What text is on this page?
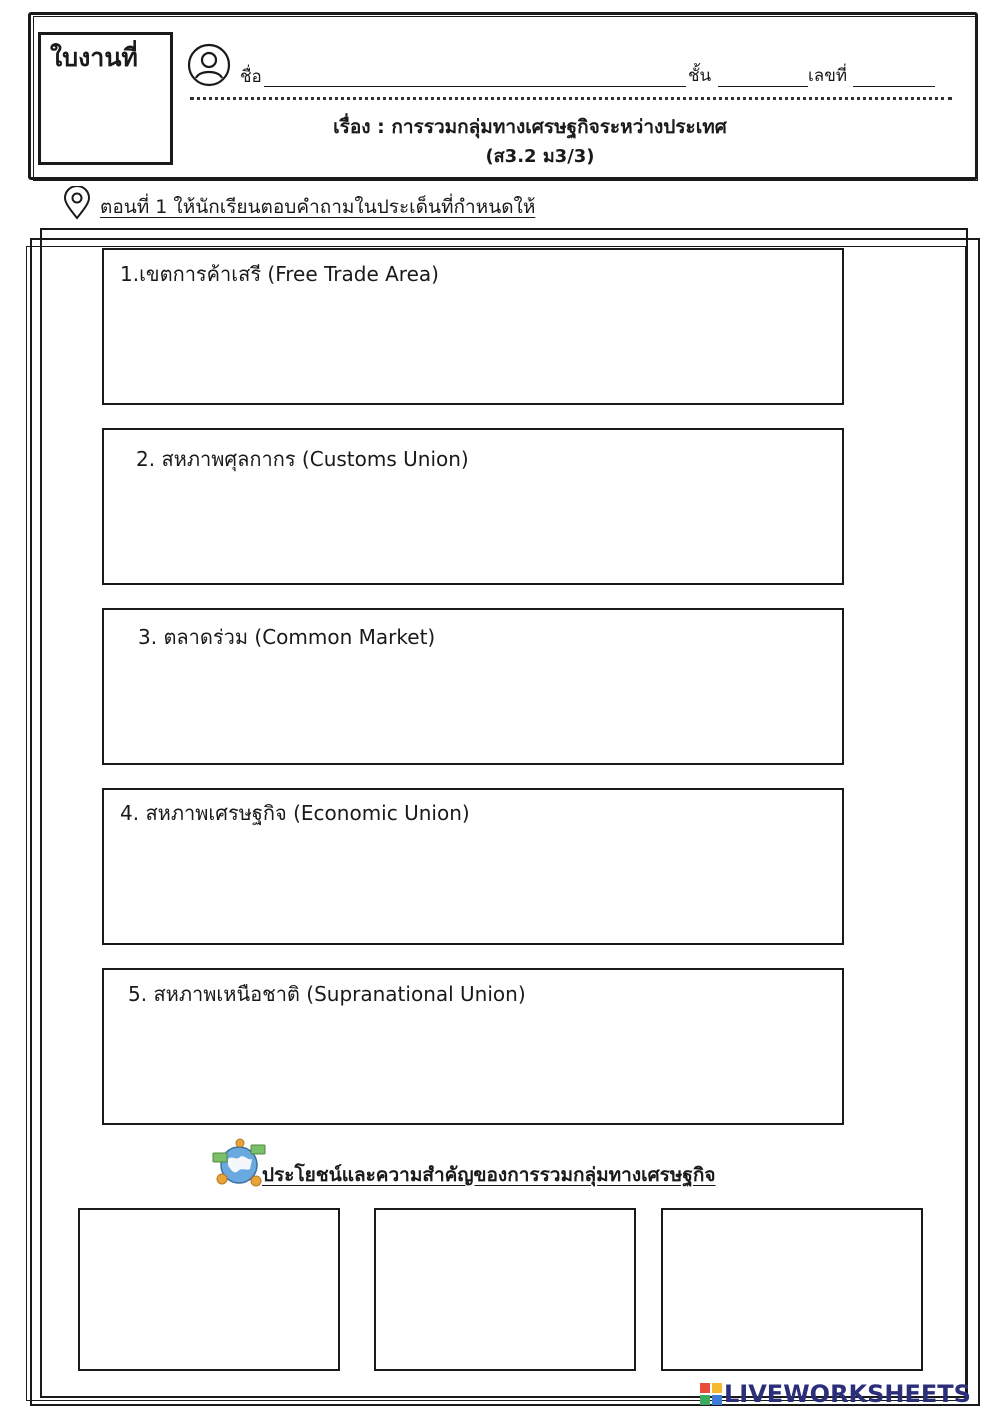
ใบงานที่
ชื่อ	ชั้น	เลขที่
เรื่อง : การรวมกลุ่มทางเศรษฐกิจระหว่างประเทศ
(ส3.2 ม3/3)
ตอนที่ 1 ให้นักเรียนตอบคำถามในประเด็นที่กำหนดให้
1.เขตการค้าเสรี (Free Trade Area)
2. สหภาพศุลกากร (Customs Union)
3. ตลาดร่วม (Common Market)
4. สหภาพเศรษฐกิจ (Economic Union)
5. สหภาพเหนือชาติ (Supranational Union)
ประโยชน์และความสำคัญของการรวมกลุ่มทางเศรษฐกิจ
LIVEWORKSHEETS
